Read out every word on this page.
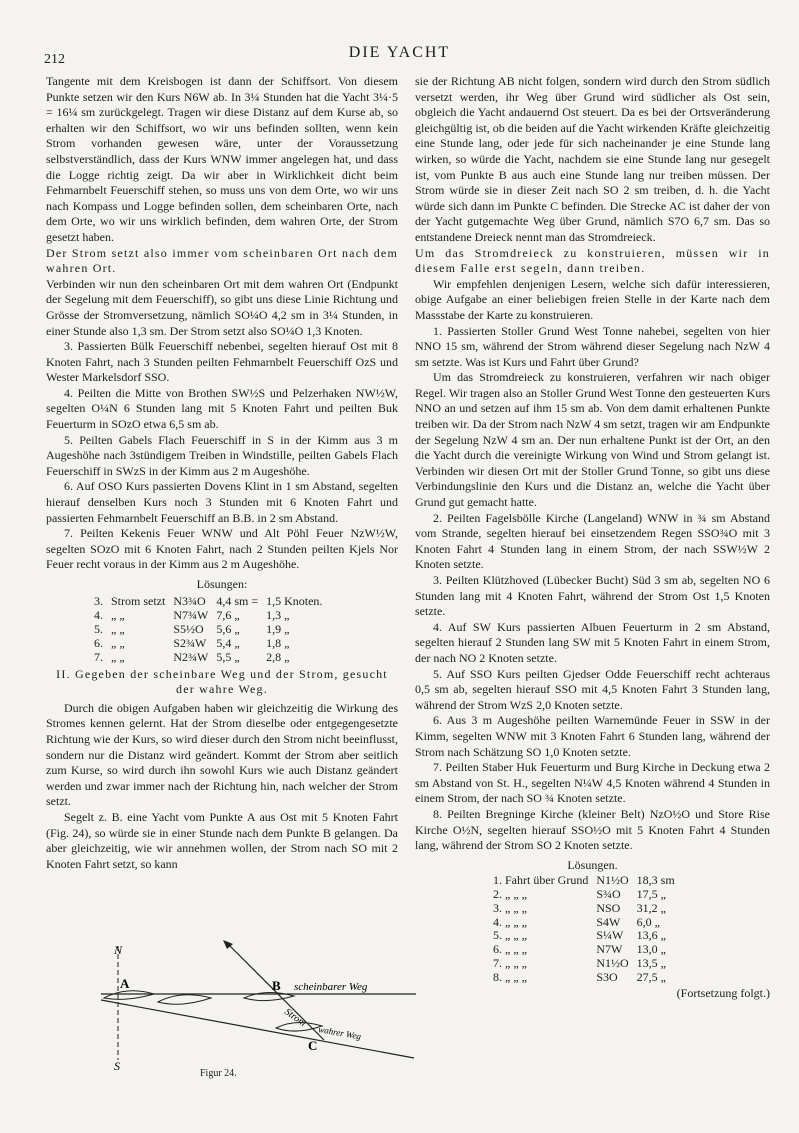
212	DIE YACHT

Tangente mit dem Kreisbogen ist dann der Schiffsort. Von diesem Punkte setzen wir den Kurs N6W ab. In 3¼ Stunden hat die Yacht 3¼·5 = 16¼ sm zurückgelegt. Tragen wir diese Distanz auf dem Kurse ab, so erhalten wir den Schiffsort, wo wir uns befinden sollten, wenn kein Strom vorhanden gewesen wäre, unter der Voraussetzung selbstverständlich, dass der Kurs WNW immer angelegen hat, und dass die Logge richtig zeigt. Da wir aber in Wirklichkeit dicht beim Fehmarnbelt Feuerschiff stehen, so muss uns von dem Orte, wo wir uns nach Kompass und Logge befinden sollen, dem scheinbaren Orte, nach dem Orte, wo wir uns wirklich befinden, dem wahren Orte, der Strom gesetzt haben.

Der Strom setzt also immer vom scheinbaren Ort nach dem wahren Ort.

Verbinden wir nun den scheinbaren Ort mit dem wahren Ort (Endpunkt der Segelung mit dem Feuerschiff), so gibt uns diese Linie Richtung und Grösse der Stromversetzung, nämlich SO¼O 4,2 sm in 3¼ Stunden, in einer Stunde also 1,3 sm. Der Strom setzt also SO¼O 1,3 Knoten.

3. Passierten Bülk Feuerschiff nebenbei, segelten hierauf Ost mit 8 Knoten Fahrt, nach 3 Stunden peilten Fehmarnbelt Feuerschiff OzS und Wester Markelsdorf SSO.

4. Peilten die Mitte von Brothen SW½S und Pelzerhaken NW½W, segelten O¼N 6 Stunden lang mit 5 Knoten Fahrt und peilten Buk Feuerturm in SOzO etwa 6,5 sm ab.

5. Peilten Gabels Flach Feuerschiff in S in der Kimm aus 3 m Augeshöhe nach 3stündigem Treiben in Windstille, peilten Gabels Flach Feuerschiff in SWzS in der Kimm aus 2 m Augeshöhe.

6. Auf OSO Kurs passierten Dovens Klint in 1 sm Abstand, segelten hierauf denselben Kurs noch 3 Stunden mit 6 Knoten Fahrt und passierten Fehmarnbelt Feuerschiff an B.B. in 2 sm Abstand.

7. Peilten Kekenis Feuer WNW und Alt Pöhl Feuer NzW½W, segelten SOzO mit 6 Knoten Fahrt, nach 2 Stunden peilten Kjels Nor Feuer recht voraus in der Kimm aus 2 m Augeshöhe.

Lösungen:
3.	Strom setzt	N3¾O	4,4 sm =	1,5 Knoten.
4.	„ „	N7¾W	7,6 „	1,3 „
5.	„ „	S5½O	5,6 „	1,9 „
6.	„ „	S2¾W	5,4 „	1,8 „
7.	„ „	N2¾W	5,5 „	2,8 „

II. Gegeben der scheinbare Weg und der Strom, gesucht der wahre Weg.

Durch die obigen Aufgaben haben wir gleichzeitig die Wirkung des Stromes kennen gelernt. Hat der Strom dieselbe oder entgegengesetzte Richtung wie der Kurs, so wird dieser durch den Strom nicht beeinflusst, sondern nur die Distanz wird geändert. Kommt der Strom aber seitlich zum Kurse, so wird durch ihn sowohl Kurs wie auch Distanz geändert werden und zwar immer nach der Richtung hin, nach welcher der Strom setzt.

Segelt z. B. eine Yacht vom Punkte A aus Ost mit 5 Knoten Fahrt (Fig. 24), so würde sie in einer Stunde nach dem Punkte B gelangen. Da aber gleichzeitig, wie wir annehmen wollen, der Strom nach SO mit 2 Knoten Fahrt setzt, so kann

N
S
A	B scheinbarer Weg
Strom
C
wahrer Weg
Figur 24.

sie der Richtung AB nicht folgen, sondern wird durch den Strom südlich versetzt werden, ihr Weg über Grund wird südlicher als Ost sein, obgleich die Yacht andauernd Ost steuert. Da es bei der Ortsveränderung gleichgültig ist, ob die beiden auf die Yacht wirkenden Kräfte gleichzeitig eine Stunde lang, oder jede für sich nacheinander je eine Stunde lang wirken, so würde die Yacht, nachdem sie eine Stunde lang nur gesegelt ist, vom Punkte B aus auch eine Stunde lang nur treiben müssen. Der Strom würde sie in dieser Zeit nach SO 2 sm treiben, d. h. die Yacht würde sich dann im Punkte C befinden. Die Strecke AC ist daher der von der Yacht gutgemachte Weg über Grund, nämlich S7O 6,7 sm. Das so entstandene Dreieck nennt man das Stromdreieck.

Um das Stromdreieck zu konstruieren, müssen wir in diesem Falle erst segeln, dann treiben.

Wir empfehlen denjenigen Lesern, welche sich dafür interessieren, obige Aufgabe an einer beliebigen freien Stelle in der Karte nach dem Massstabe der Karte zu konstruieren.

1. Passierten Stoller Grund West Tonne nahebei, segelten von hier NNO 15 sm, während der Strom während dieser Segelung nach NzW 4 sm setzte. Was ist Kurs und Fahrt über Grund?

Um das Stromdreieck zu konstruieren, verfahren wir nach obiger Regel. Wir tragen also an Stoller Grund West Tonne den gesteuerten Kurs NNO an und setzen auf ihm 15 sm ab. Von dem damit erhaltenen Punkte treiben wir. Da der Strom nach NzW 4 sm setzt, tragen wir am Endpunkte der Segelung NzW 4 sm an. Der nun erhaltene Punkt ist der Ort, an den die Yacht durch die vereinigte Wirkung von Wind und Strom gelangt ist. Verbinden wir diesen Ort mit der Stoller Grund Tonne, so gibt uns diese Verbindungslinie den Kurs und die Distanz an, welche die Yacht über Grund gut gemacht hatte.

2. Peilten Fagelsbölle Kirche (Langeland) WNW in ¾ sm Abstand vom Strande, segelten hierauf bei einsetzendem Regen SSO¾O mit 3 Knoten Fahrt 4 Stunden lang in einem Strom, der nach SSW½W 2 Knoten setzte.

3. Peilten Klützhoved (Lübecker Bucht) Süd 3 sm ab, segelten NO 6 Stunden lang mit 4 Knoten Fahrt, während der Strom Ost 1,5 Knoten setzte.

4. Auf SW Kurs passierten Albuen Feuerturm in 2 sm Abstand, segelten hierauf 2 Stunden lang SW mit 5 Knoten Fahrt in einem Strom, der nach NO 2 Knoten setzte.

5. Auf SSO Kurs peilten Gjedser Odde Feuerschiff recht achteraus 0,5 sm ab, segelten hierauf SSO mit 4,5 Knoten Fahrt 3 Stunden lang, während der Strom WzS 2,0 Knoten setzte.

6. Aus 3 m Augeshöhe peilten Warnemünde Feuer in SSW in der Kimm, segelten WNW mit 3 Knoten Fahrt 6 Stunden lang, während der Strom nach Schätzung SO 1,0 Knoten setzte.

7. Peilten Staber Huk Feuerturm und Burg Kirche in Deckung etwa 2 sm Abstand von St. H., segelten N¼W 4,5 Knoten während 4 Stunden in einem Strom, der nach SO ¾ Knoten setzte.

8. Peilten Bregninge Kirche (kleiner Belt) NzO½O und Store Rise Kirche O½N, segelten hierauf SSO½O mit 5 Knoten Fahrt 4 Stunden lang, während der Strom SO 2 Knoten setzte.

Lösungen.
1. Fahrt über Grund	N1½O	18,3 sm
2. „ „ „	S¾O	17,5 „
3. „ „ „	NSO	31,2 „
4. „ „ „	S4W	6,0 „
5. „ „ „	S¼W	13,6 „
6. „ „ „	N7W	13,0 „
7. „ „ „	N1½O	13,5 „
8. „ „ „	S3O	27,5 „
(Fortsetzung folgt.)
